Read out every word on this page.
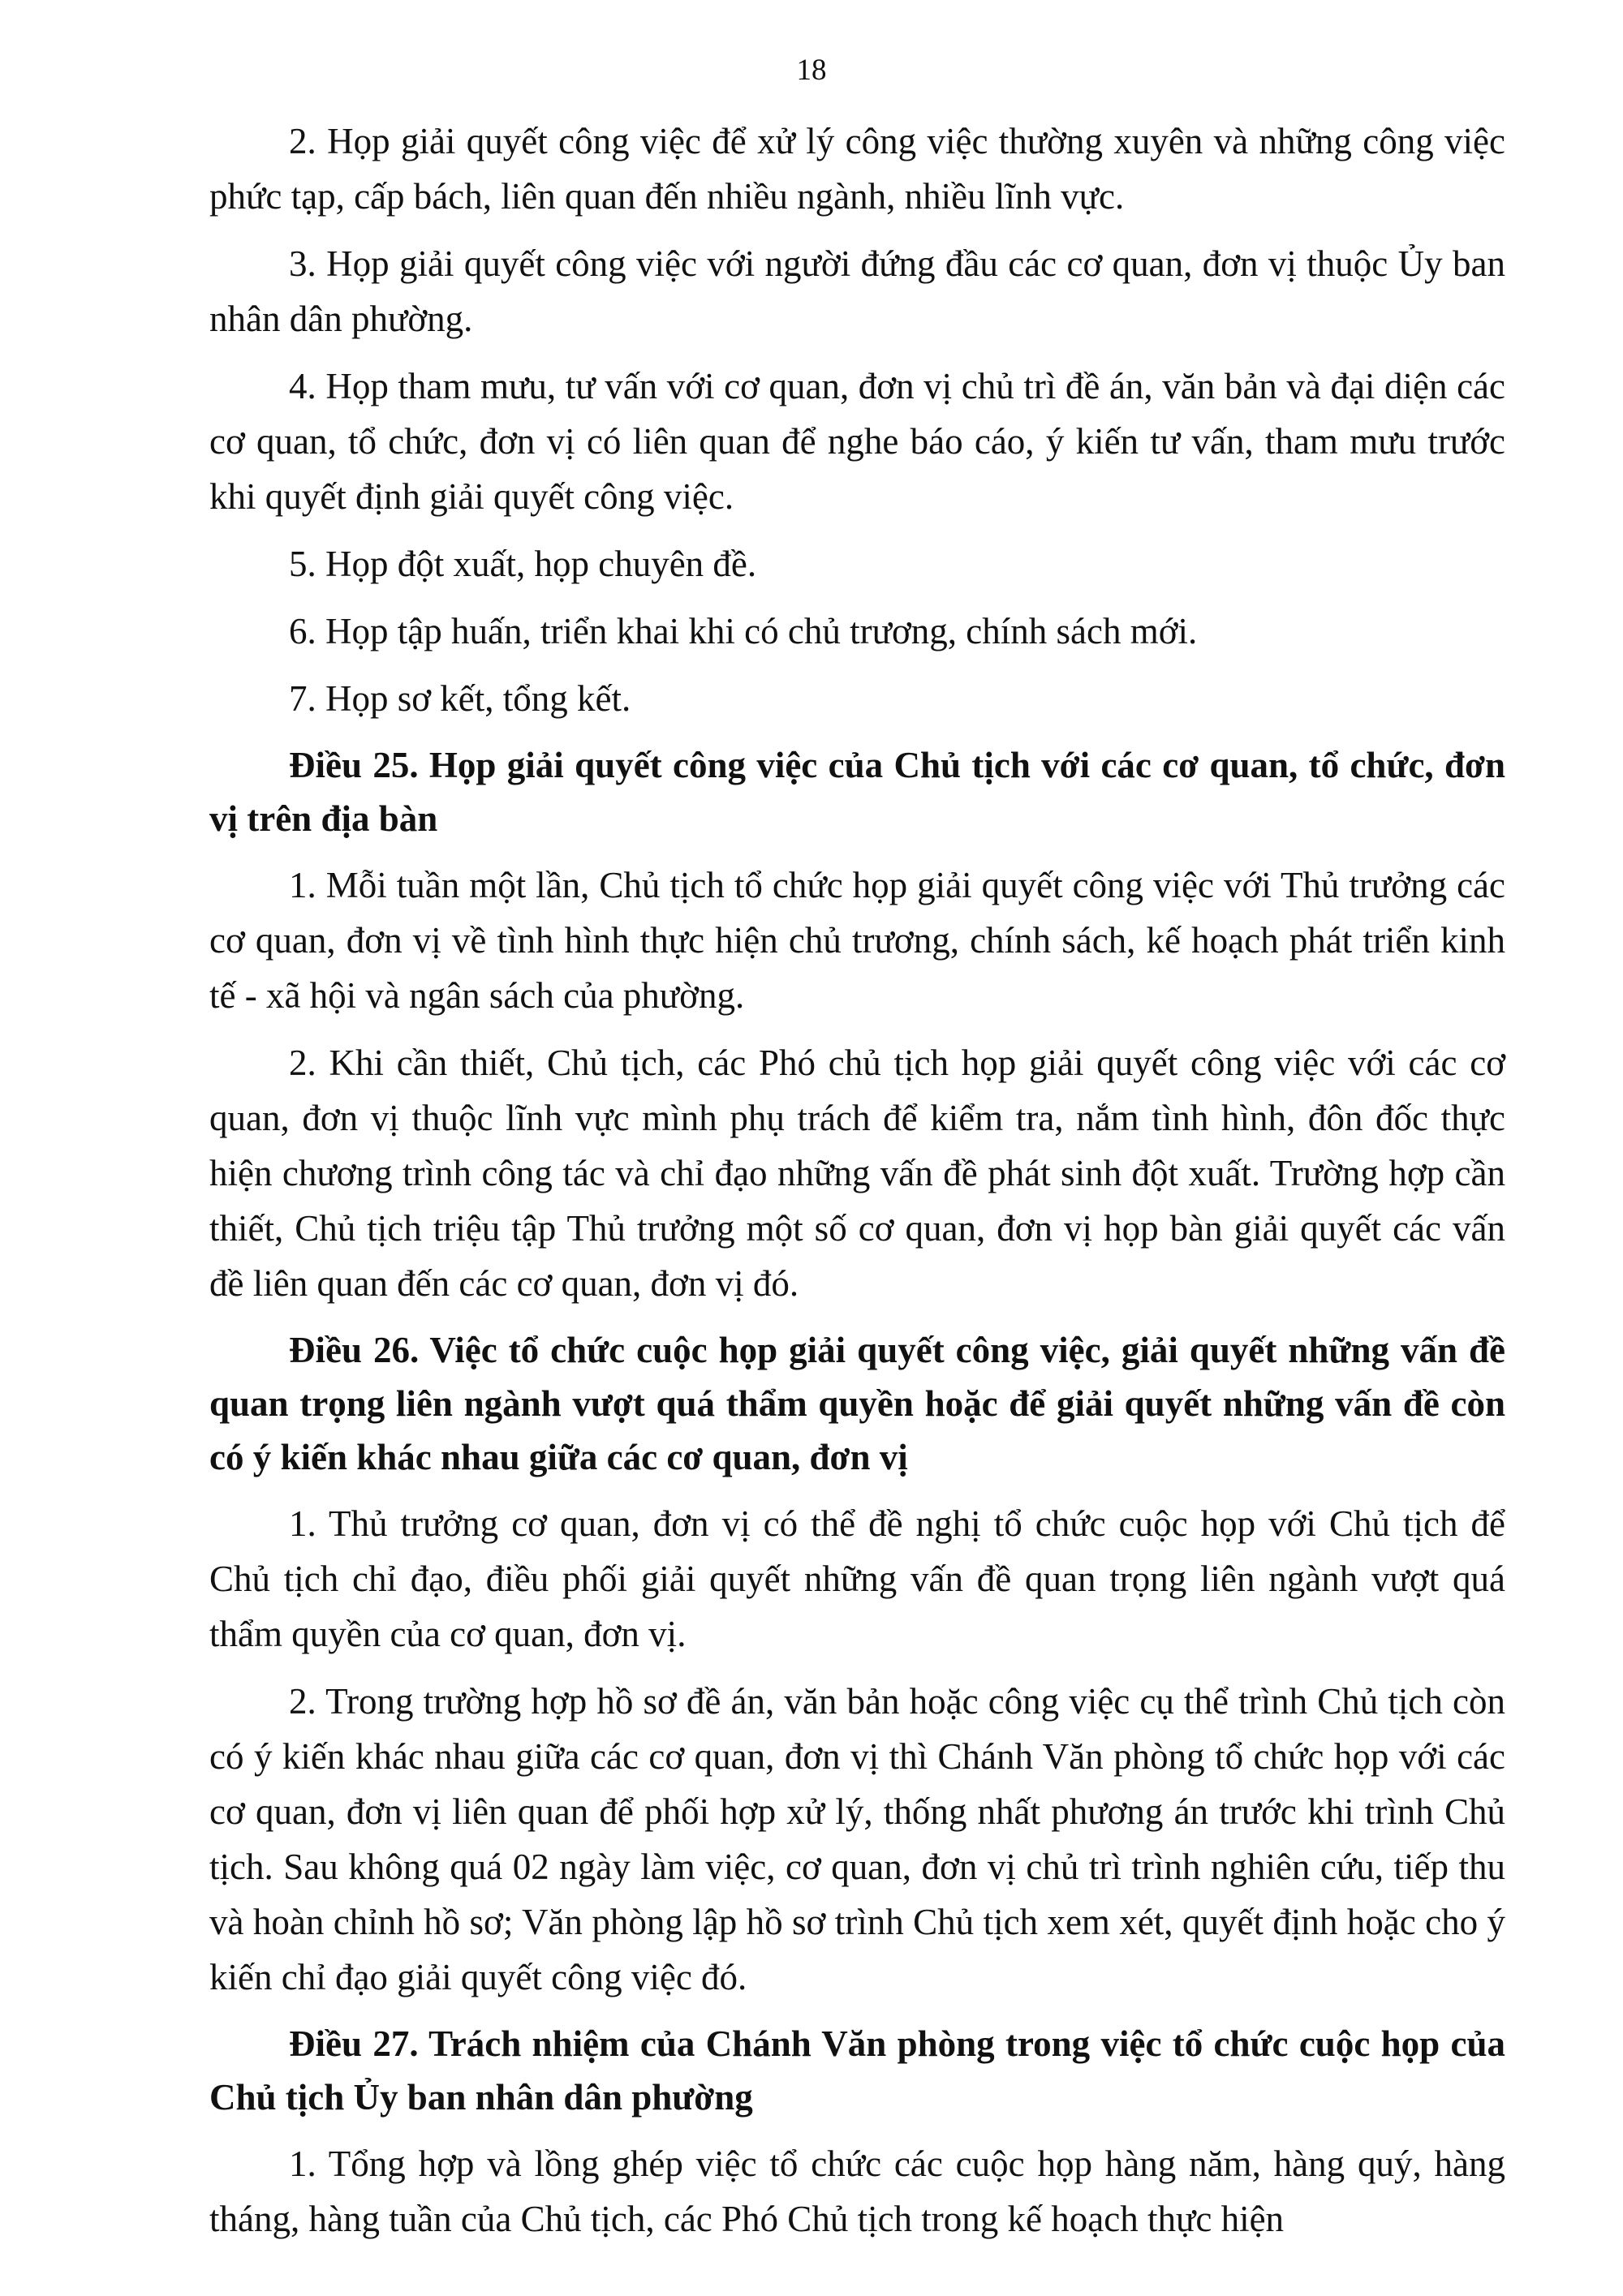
18

2. Họp giải quyết công việc để xử lý công việc thường xuyên và những công việc phức tạp, cấp bách, liên quan đến nhiều ngành, nhiều lĩnh vực.

3. Họp giải quyết công việc với người đứng đầu các cơ quan, đơn vị thuộc Ủy ban nhân dân phường.

4. Họp tham mưu, tư vấn với cơ quan, đơn vị chủ trì đề án, văn bản và đại diện các cơ quan, tổ chức, đơn vị có liên quan để nghe báo cáo, ý kiến tư vấn, tham mưu trước khi quyết định giải quyết công việc.

5. Họp đột xuất, họp chuyên đề.

6. Họp tập huấn, triển khai khi có chủ trương, chính sách mới.

7. Họp sơ kết, tổng kết.

Điều 25. Họp giải quyết công việc của Chủ tịch với các cơ quan, tổ chức, đơn vị trên địa bàn

1. Mỗi tuần một lần, Chủ tịch tổ chức họp giải quyết công việc với Thủ trưởng các cơ quan, đơn vị về tình hình thực hiện chủ trương, chính sách, kế hoạch phát triển kinh tế - xã hội và ngân sách của phường.

2. Khi cần thiết, Chủ tịch, các Phó chủ tịch họp giải quyết công việc với các cơ quan, đơn vị thuộc lĩnh vực mình phụ trách để kiểm tra, nắm tình hình, đôn đốc thực hiện chương trình công tác và chỉ đạo những vấn đề phát sinh đột xuất. Trường hợp cần thiết, Chủ tịch triệu tập Thủ trưởng một số cơ quan, đơn vị họp bàn giải quyết các vấn đề liên quan đến các cơ quan, đơn vị đó.

Điều 26. Việc tổ chức cuộc họp giải quyết công việc, giải quyết những vấn đề quan trọng liên ngành vượt quá thẩm quyền hoặc để giải quyết những vấn đề còn có ý kiến khác nhau giữa các cơ quan, đơn vị

1. Thủ trưởng cơ quan, đơn vị có thể đề nghị tổ chức cuộc họp với Chủ tịch để Chủ tịch chỉ đạo, điều phối giải quyết những vấn đề quan trọng liên ngành vượt quá thẩm quyền của cơ quan, đơn vị.

2. Trong trường hợp hồ sơ đề án, văn bản hoặc công việc cụ thể trình Chủ tịch còn có ý kiến khác nhau giữa các cơ quan, đơn vị thì Chánh Văn phòng tổ chức họp với các cơ quan, đơn vị liên quan để phối hợp xử lý, thống nhất phương án trước khi trình Chủ tịch. Sau không quá 02 ngày làm việc, cơ quan, đơn vị chủ trì trình nghiên cứu, tiếp thu và hoàn chỉnh hồ sơ; Văn phòng lập hồ sơ trình Chủ tịch xem xét, quyết định hoặc cho ý kiến chỉ đạo giải quyết công việc đó.

Điều 27. Trách nhiệm của Chánh Văn phòng trong việc tổ chức cuộc họp của Chủ tịch Ủy ban nhân dân phường

1. Tổng hợp và lồng ghép việc tổ chức các cuộc họp hàng năm, hàng quý, hàng tháng, hàng tuần của Chủ tịch, các Phó Chủ tịch trong kế hoạch thực hiện
